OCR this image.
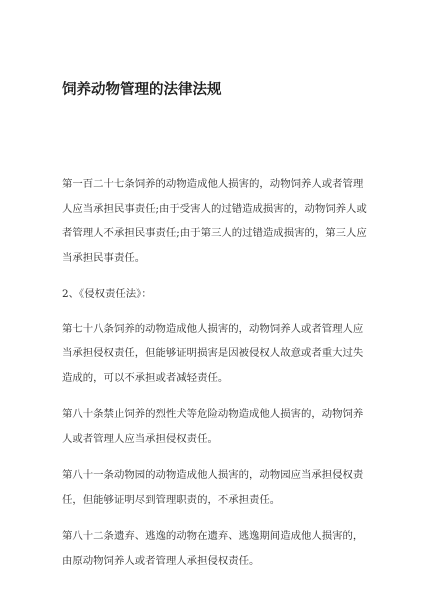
饲养动物管理的法律法规

第一百二十七条饲养的动物造成他人损害的，动物饲养人或者管理
人应当承担民事责任;由于受害人的过错造成损害的，动物饲养人或
者管理人不承担民事责任;由于第三人的过错造成损害的，第三人应
当承担民事责任。

2、《侵权责任法》：

第七十八条饲养的动物造成他人损害的，动物饲养人或者管理人应
当承担侵权责任，但能够证明损害是因被侵权人故意或者重大过失
造成的，可以不承担或者减轻责任。

第八十条禁止饲养的烈性犬等危险动物造成他人损害的，动物饲养
人或者管理人应当承担侵权责任。

第八十一条动物园的动物造成他人损害的，动物园应当承担侵权责
任，但能够证明尽到管理职责的，不承担责任。

第八十二条遗弃、逃逸的动物在遗弃、逃逸期间造成他人损害的，
由原动物饲养人或者管理人承担侵权责任。
